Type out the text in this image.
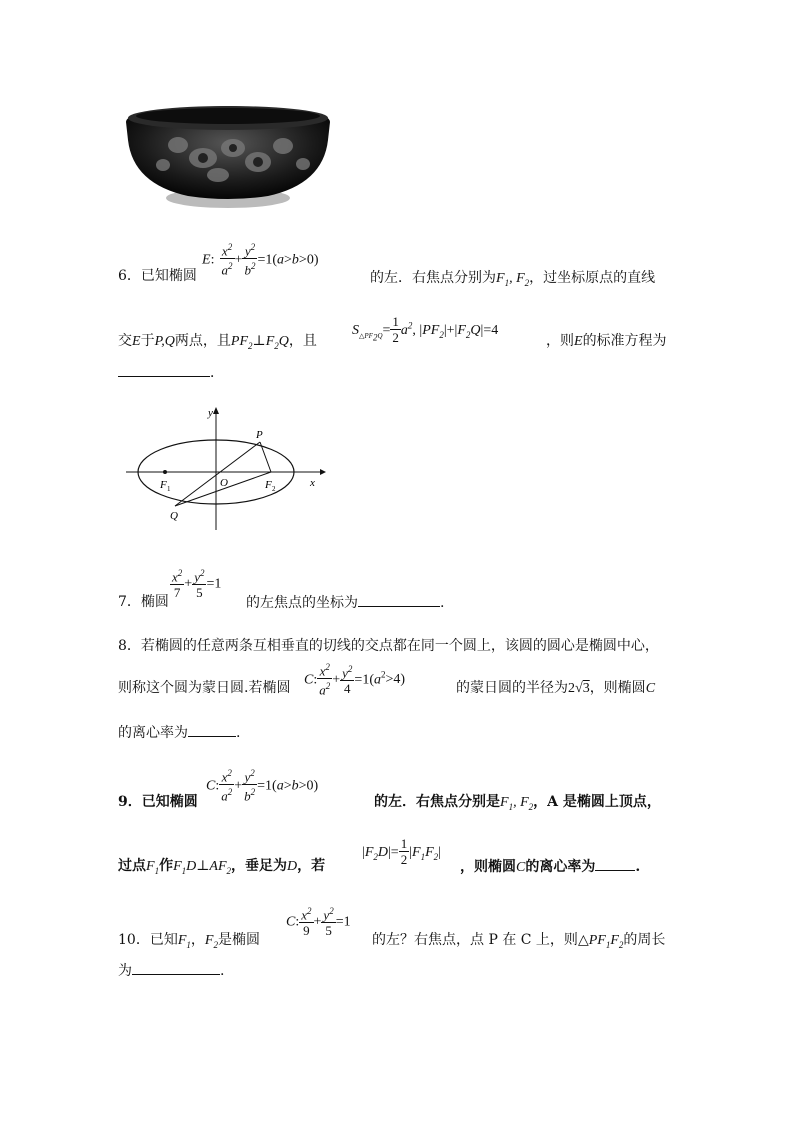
6．已知椭圆
E: $\frac{x^2}{a^2} + \frac{y^2}{b^2} =1(a>b>0)$
的左．右焦点分别为$F_1$, $F_2$，过坐标原点的直线
交E于P,Q两点，且$PF_2\perp F_2Q$，且
$S_{\triangle PF_2Q}= \frac{1}{2} a^2$, $|PF_2|+|F_2Q|=4$
，则E的标准方程为
．
y
x
P
Q
O
F 1	F 2
7．椭圆
$\frac{x^2}{7} + \frac{y^2}{5} =1$
的左焦点的坐标为	.
8．若椭圆的任意两条互相垂直的切线的交点都在同一个圆上，该圆的圆心是椭圆中心，
则称这个圆为蒙日圆.若椭圆
C: $\frac{x^2}{a^2} + \frac{y^2}{4} =1(a^2>4)$
的蒙日圆的半径为2√3，则椭圆C
的离心率为	.
9．已知椭圆
C: $\frac{x^2}{a^2} + \frac{y^2}{b^2} =1(a>b>0)$
的左．右焦点分别是$F_1$, $F_2$，A 是椭圆上顶点，
过点$F_1$作$F_1D\perp AF_2$，垂足为D，若
$|F_2D|= \frac{1}{2} |F_1F_2|$
，则椭圆C的离心率为	.
10．已知$F_1$，$F_2$是椭圆
C: $\frac{x^2}{9} + \frac{y^2}{5} =1$
的左？右焦点，点 P 在 C 上，则$\triangle PF_1F_2$的周长
为	.
